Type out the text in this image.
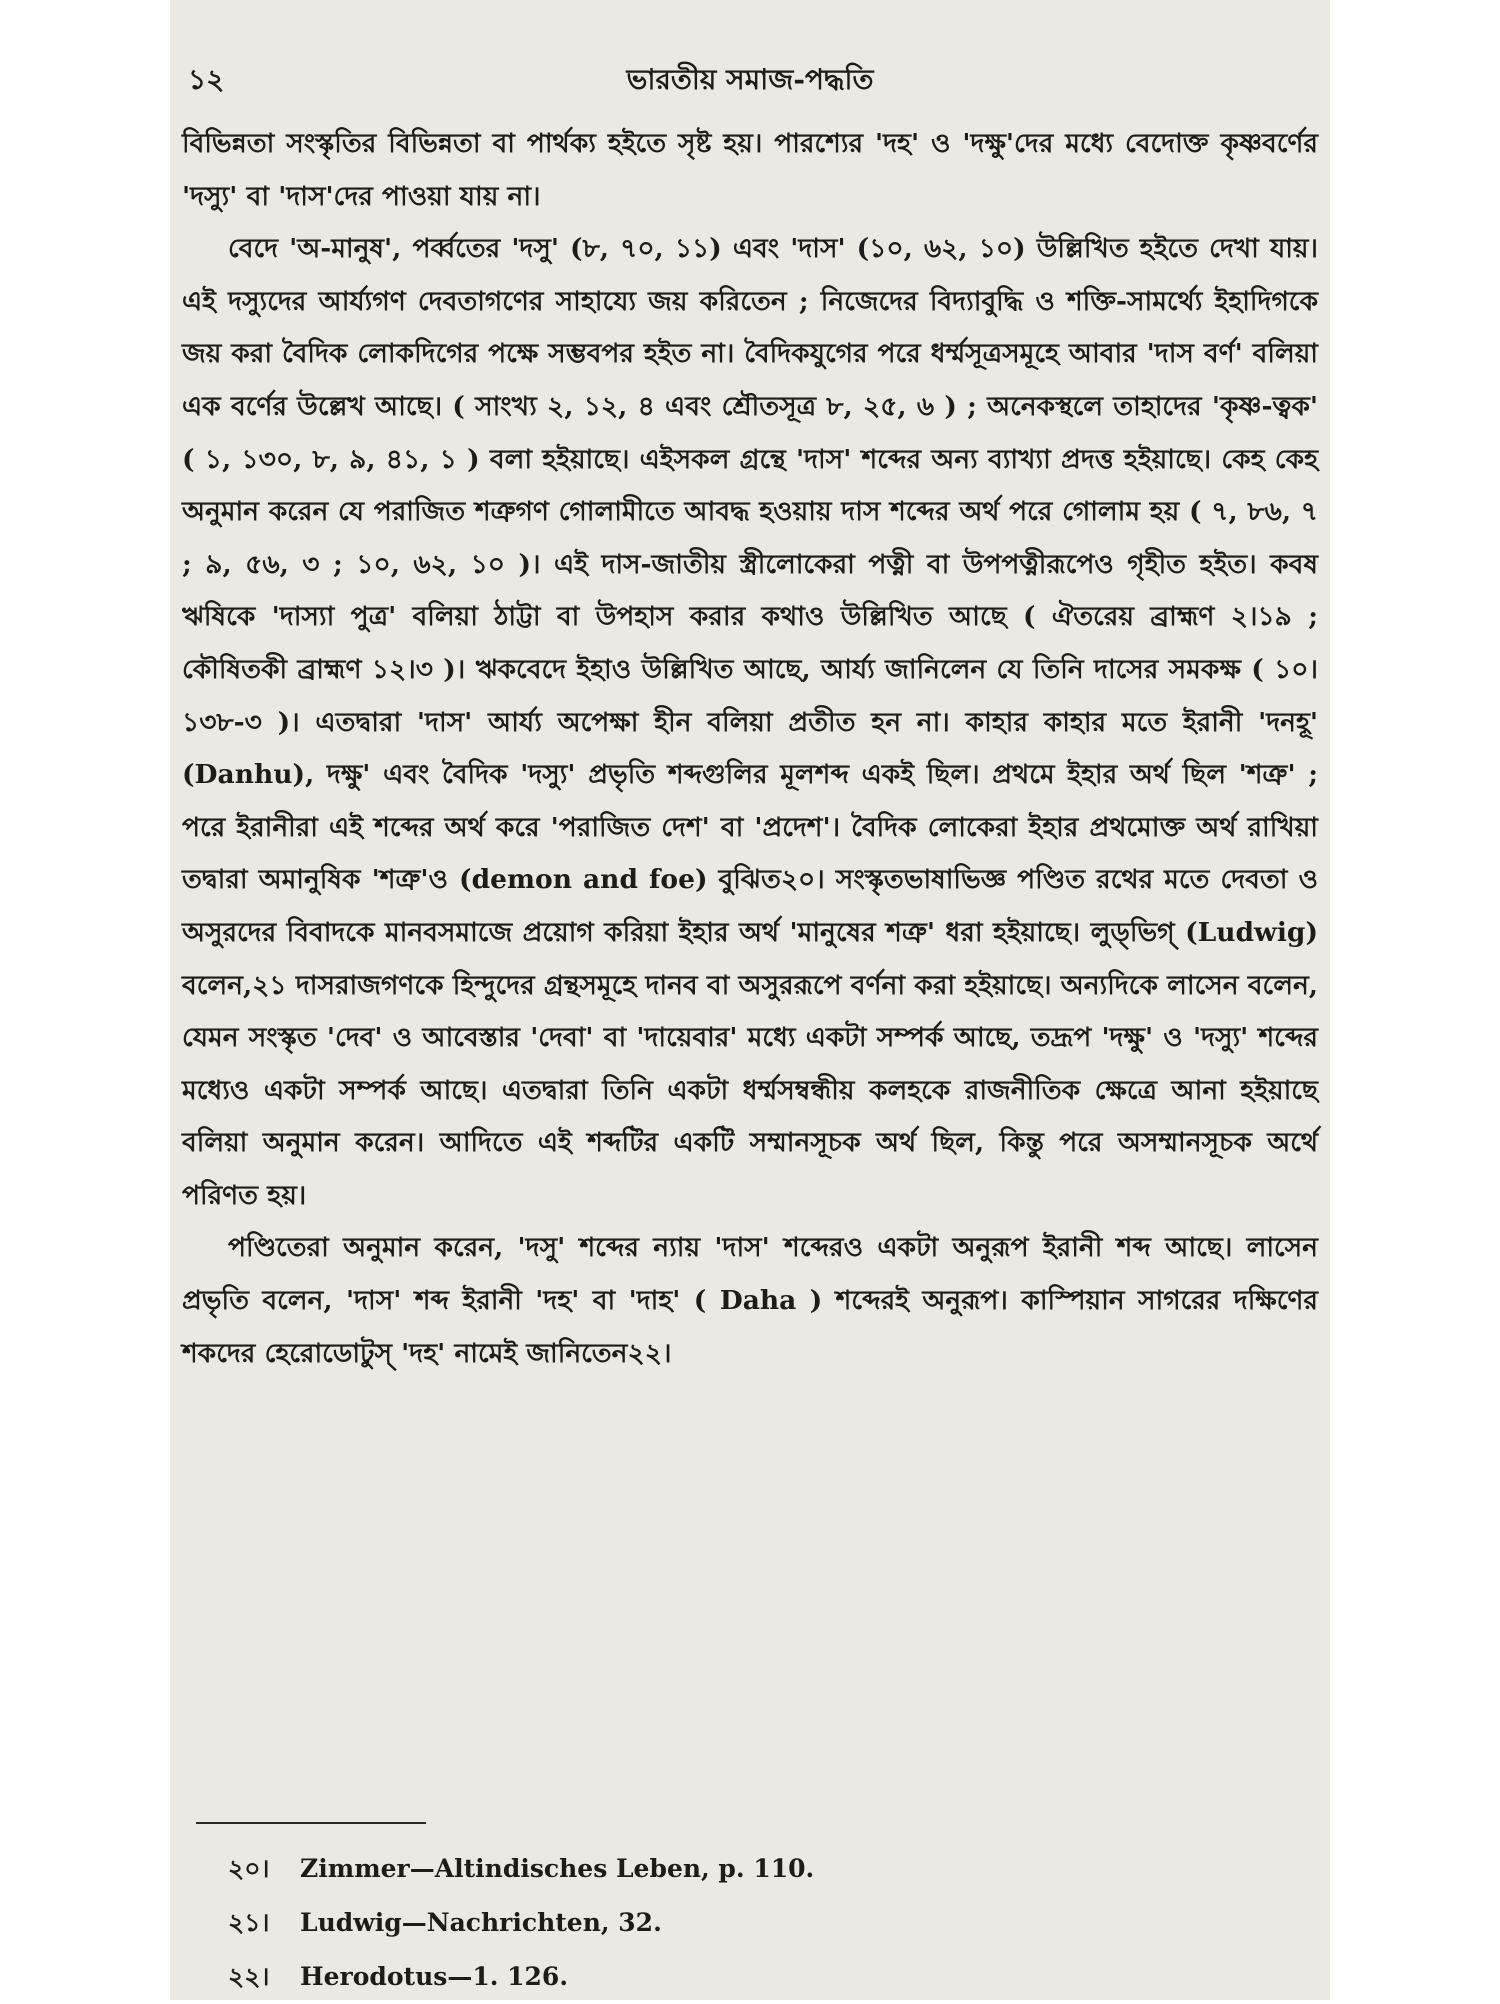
১২	ভারতীয় সমাজ-পদ্ধতি

বিভিন্নতা সংস্কৃতির বিভিন্নতা বা পার্থক্য হইতে সৃষ্ট হয়। পারশ্যের 'দহ' ও 'দক্ষু'দের মধ্যে বেদোক্ত কৃষ্ণবর্ণের 'দস্যু' বা 'দাস'দের পাওয়া যায় না।

বেদে 'অ-মানুষ', পর্ব্বতের 'দসু' (৮, ৭০, ১১) এবং 'দাস' (১০, ৬২, ১০) উল্লিখিত হইতে দেখা যায়। এই দস্যুদের আর্য্যগণ দেবতাগণের সাহায্যে জয় করিতেন ; নিজেদের বিদ্যাবুদ্ধি ও শক্তি-সামর্থ্যে ইহাদিগকে জয় করা বৈদিক লোকদিগের পক্ষে সম্ভবপর হইত না। বৈদিকযুগের পরে ধর্ম্মসূত্রসমূহে আবার 'দাস বর্ণ' বলিয়া এক বর্ণের উল্লেখ আছে। ( সাংখ্য ২, ১২, ৪ এবং শ্রৌতসূত্র ৮, ২৫, ৬ ) ; অনেকস্থলে তাহাদের 'কৃষ্ণ-ত্বক' ( ১, ১৩০, ৮, ৯, ৪১, ১ ) বলা হইয়াছে। এইসকল গ্রন্থে 'দাস' শব্দের অন্য ব্যাখ্যা প্রদত্ত হইয়াছে। কেহ কেহ অনুমান করেন যে পরাজিত শত্রুগণ গোলামীতে আবদ্ধ হওয়ায় দাস শব্দের অর্থ পরে গোলাম হয় ( ৭, ৮৬, ৭ ; ৯, ৫৬, ৩ ; ১০, ৬২, ১০ )। এই দাস-জাতীয় স্ত্রীলোকেরা পত্নী বা উপপত্নীরূপেও গৃহীত হইত। কবষ ঋষিকে 'দাস্যা পুত্র' বলিয়া ঠাট্টা বা উপহাস করার কথাও উল্লিখিত আছে ( ঐতরেয় ব্রাহ্মণ ২।১৯ ; কৌষিতকী ব্রাহ্মণ ১২।৩ )। ঋকবেদে ইহাও উল্লিখিত আছে, আর্য্য জানিলেন যে তিনি দাসের সমকক্ষ ( ১০।১৩৮-৩ )। এতদ্বারা 'দাস' আর্য্য অপেক্ষা হীন বলিয়া প্রতীত হন না। কাহার কাহার মতে ইরানী 'দনহূ' (Danhu), দক্ষু' এবং বৈদিক 'দস্যু' প্রভৃতি শব্দগুলির মূলশব্দ একই ছিল। প্রথমে ইহার অর্থ ছিল 'শত্রু' ; পরে ইরানীরা এই শব্দের অর্থ করে 'পরাজিত দেশ' বা 'প্রদেশ'। বৈদিক লোকেরা ইহার প্রথমোক্ত অর্থ রাখিয়া তদ্বারা অমানুষিক 'শত্রু'ও (demon and foe) বুঝিত২০। সংস্কৃতভাষাভিজ্ঞ পণ্ডিত রথের মতে দেবতা ও অসুরদের বিবাদকে মানবসমাজে প্রয়োগ করিয়া ইহার অর্থ 'মানুষের শত্রু' ধরা হইয়াছে। লুড্‌ভিগ্ (Ludwig) বলেন,২১ দাসরাজগণকে হিন্দুদের গ্রন্থসমূহে দানব বা অসুররূপে বর্ণনা করা হইয়াছে। অন্যদিকে লাসেন বলেন, যেমন সংস্কৃত 'দেব' ও আবেস্তার 'দেবা' বা 'দায়েবার' মধ্যে একটা সম্পর্ক আছে, তদ্রূপ 'দক্ষু' ও 'দস্যু' শব্দের মধ্যেও একটা সম্পর্ক আছে। এতদ্বারা তিনি একটা ধর্ম্মসম্বন্ধীয় কলহকে রাজনীতিক ক্ষেত্রে আনা হইয়াছে বলিয়া অনুমান করেন। আদিতে এই শব্দটির একটি সম্মানসূচক অর্থ ছিল, কিন্তু পরে অসম্মানসূচক অর্থে পরিণত হয়।

পণ্ডিতেরা অনুমান করেন, 'দসু' শব্দের ন্যায় 'দাস' শব্দেরও একটা অনুরূপ ইরানী শব্দ আছে। লাসেন প্রভৃতি বলেন, 'দাস' শব্দ ইরানী 'দহ' বা 'দাহ' ( Daha ) শব্দেরই অনুরূপ। কাস্পিয়ান সাগরের দক্ষিণের শকদের হেরোডোটুস্ 'দহ' নামেই জানিতেন২২।

২০। Zimmer—Altindisches Leben, p. 110.
২১। Ludwig—Nachrichten, 32.
২২। Herodotus—1. 126.
